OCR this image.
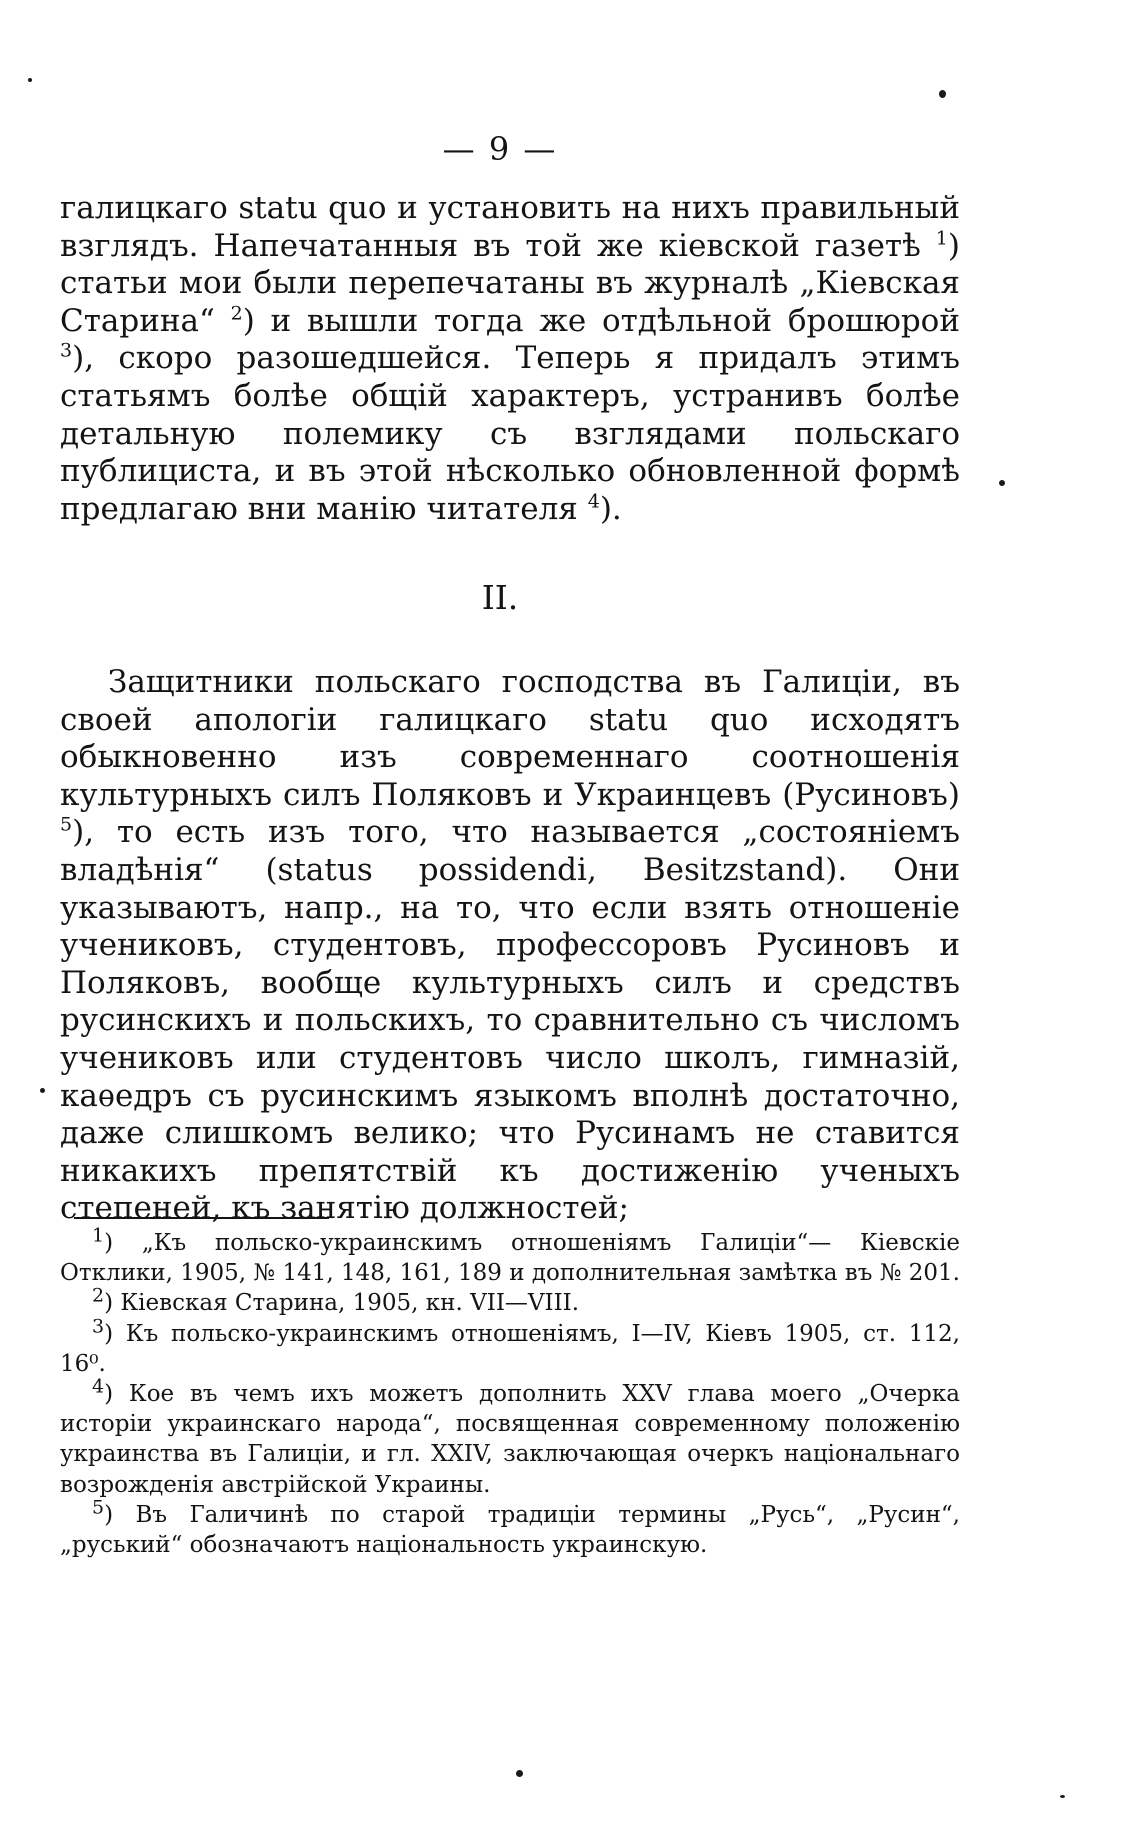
— 9 —

галицкаго statu quo и установить на нихъ правильный взглядъ. Напечатанныя въ той же кіевской газетѣ $^1$) статьи мои были перепечатаны въ журналѣ „Кіевская Старина“ $^2$) и вышли тогда же отдѣльной брошюрой $^3$), скоро разошедшейся. Теперь я придалъ этимъ статьямъ болѣе общій характеръ, устранивъ болѣе детальную полемику съ взглядами польскаго публициста, и въ этой нѣсколько обновленной формѣ предлагаю вни манію читателя $^4$).

II.

Защитники польскаго господства въ Галиціи, въ своей апологіи галицкаго statu quo исходятъ обыкновенно изъ современнаго соотношенія культурныхъ силъ Поляковъ и Украинцевъ (Русиновъ) $^5$), то есть изъ того, что называется „состояніемъ владѣнія“ (status possidendi, Besitzstand). Они указываютъ, напр., на то, что если взять отношеніе учениковъ, студентовъ, профессоровъ Русиновъ и Поляковъ, вообще культурныхъ силъ и средствъ русинскихъ и польскихъ, то сравнительно съ числомъ учениковъ или студентовъ число школъ, гимназій, каѳедръ съ русинскимъ языкомъ вполнѣ достаточно, даже слишкомъ велико; что Русинамъ не ставится никакихъ препятствій къ достиженію ученыхъ степеней, къ занятію должностей;

$^1$) „Къ польско-украинскимъ отношеніямъ Галиціи“— Кіевскіе Отклики, 1905, № 141, 148, 161, 189 и дополнительная замѣтка въ № 201.

$^2$) Кіевская Старина, 1905, кн. VII—VIII.

$^3$) Къ польско-украинскимъ отношеніямъ, I—IV, Кіевъ 1905, ст. 112, 16⁰.

$^4$) Кое въ чемъ ихъ можетъ дополнить XXV глава моего „Очерка исторіи украинскаго народа“, посвященная современному положенію украинства въ Галиціи, и гл. XXIV, заключающая очеркъ національнаго возрожденія австрійской Украины.

$^5$) Въ Галичинѣ по старой традиціи термины „Русь“, „Русин“, „руський“ обозначаютъ національность украинскую.
